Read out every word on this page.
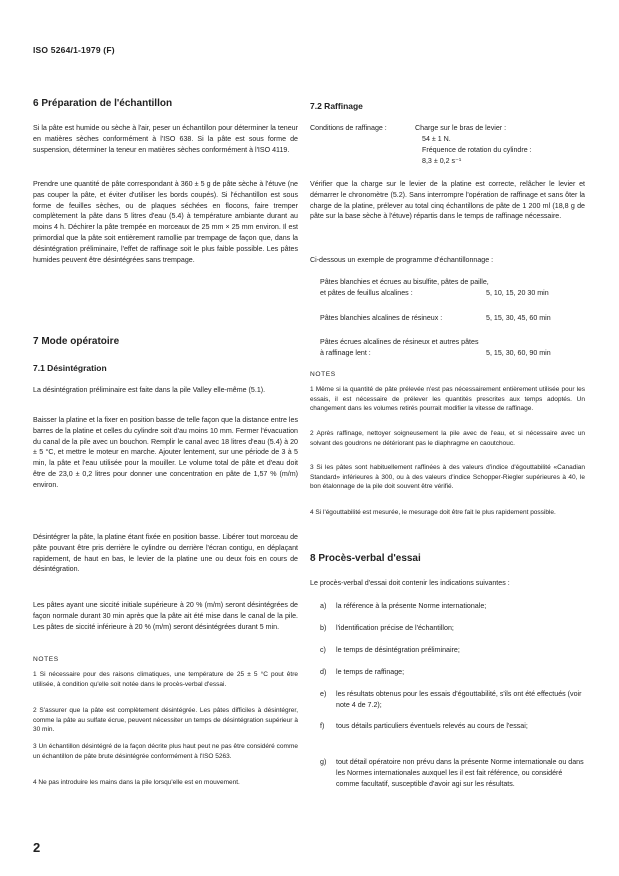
ISO 5264/1-1979 (F)
6 Préparation de l'échantillon
Si la pâte est humide ou sèche à l'air, peser un échantillon pour déterminer la teneur en matières sèches conformément à l'ISO 638. Si la pâte est sous forme de suspension, déterminer la teneur en matières sèches conformément à l'ISO 4119.
Prendre une quantité de pâte correspondant à 360 ± 5 g de pâte sèche à l'étuve (ne pas couper la pâte, et éviter d'utiliser les bords coupés). Si l'échantillon est sous forme de feuilles sèches, ou de plaques séchées en flocons, faire tremper complètement la pâte dans 5 litres d'eau (5.4) à température ambiante durant au moins 4 h. Déchirer la pâte trempée en morceaux de 25 mm × 25 mm environ. Il est primordial que la pâte soit entièrement ramollie par trempage de façon que, dans la désintégration préliminaire, l'effet de raffinage soit le plus faible possible. Les pâtes humides peuvent être désintégrées sans trempage.
7 Mode opératoire
7.1 Désintégration
La désintégration préliminaire est faite dans la pile Valley elle-même (5.1).
Baisser la platine et la fixer en position basse de telle façon que la distance entre les barres de la platine et celles du cylindre soit d'au moins 10 mm. Fermer l'évacuation du canal de la pile avec un bouchon. Remplir le canal avec 18 litres d'eau (5.4) à 20 ± 5 °C, et mettre le moteur en marche. Ajouter lentement, sur une période de 3 à 5 min, la pâte et l'eau utilisée pour la mouiller. Le volume total de pâte et d'eau doit être de 23,0 ± 0,2 litres pour donner une concentration en pâte de 1,57 % (m/m) environ.
Désintégrer la pâte, la platine étant fixée en position basse. Libérer tout morceau de pâte pouvant être pris derrière le cylindre ou derrière l'écran contigu, en déplaçant rapidement, de haut en bas, le levier de la platine une ou deux fois en cours de désintégration.
Les pâtes ayant une siccité initiale supérieure à 20 % (m/m) seront désintégrées de façon normale durant 30 min après que la pâte ait été mise dans le canal de la pile. Les pâtes de siccité inférieure à 20 % (m/m) seront désintégrées durant 5 min.
NOTES
1 Si nécessaire pour des raisons climatiques, une température de 25 ± 5 °C pout être utilisée, à condition qu'elle soit notée dans le procès-verbal d'essai.
2 S'assurer que la pâte est complètement désintégrée. Les pâtes difficiles à désintégrer, comme la pâte au sulfate écrue, peuvent nécessiter un temps de désintégration supérieur à 30 min.
3 Un échantillon désintégré de la façon décrite plus haut peut ne pas être considéré comme un échantillon de pâte brute désintégrée conformément à l'ISO 5263.
4 Ne pas introduire les mains dans la pile lorsqu'elle est en mouvement.
7.2 Raffinage
Conditions de raffinage :	Charge sur le bras de levier :
54 ± 1 N.
Fréquence de rotation du cylindre :
8,3 ± 0,2 s⁻¹
Vérifier que la charge sur le levier de la platine est correcte, relâcher le levier et démarrer le chronomètre (5.2). Sans interrompre l'opération de raffinage et sans ôter la charge de la platine, prélever au total cinq échantillons de pâte de 1 200 ml (18,8 g de pâte sur la base sèche à l'étuve) répartis dans le temps de raffinage nécessaire.
Ci-dessous un exemple de programme d'échantillonnage :
Pâtes blanchies et écrues au bisulfite, pâtes de paille,
et pâtes de feuillus alcalines :	5, 10, 15, 20 30 min
Pâtes blanchies alcalines de résineux :	5, 15, 30, 45, 60 min
Pâtes écrues alcalines de résineux et autres pâtes
à raffinage lent :	5, 15, 30, 60, 90 min
NOTES
1 Même si la quantité de pâte prélevée n'est pas nécessairement entièrement utilisée pour les essais, il est nécessaire de prélever les quantités prescrites aux temps adoptés. Un changement dans les volumes retirés pourrait modifier la vitesse de raffinage.
2 Après raffinage, nettoyer soigneusement la pile avec de l'eau, et si nécessaire avec un solvant des goudrons ne détériorant pas le diaphragme en caoutchouc.
3 Si les pâtes sont habituellement raffinées à des valeurs d'indice d'égouttabilité «Canadian Standard» inférieures à 300, ou à des valeurs d'indice Schopper-Riegler supérieures à 40, le bon étalonnage de la pile doit souvent être vérifié.
4 Si l'égouttabilité est mesurée, le mesurage doit être fait le plus rapidement possible.
8 Procès-verbal d'essai
Le procès-verbal d'essai doit contenir les indications suivantes :
a) la référence à la présente Norme internationale;
b) l'identification précise de l'échantillon;
c) le temps de désintégration préliminaire;
d) le temps de raffinage;
e) les résultats obtenus pour les essais d'égouttabilité, s'ils ont été effectués (voir note 4 de 7.2);
f) tous détails particuliers éventuels relevés au cours de l'essai;
g) tout détail opératoire non prévu dans la présente Norme internationale ou dans les Normes internationales auxquel les il est fait référence, ou considéré comme facultatif, susceptible d'avoir agi sur les résultats.
2
